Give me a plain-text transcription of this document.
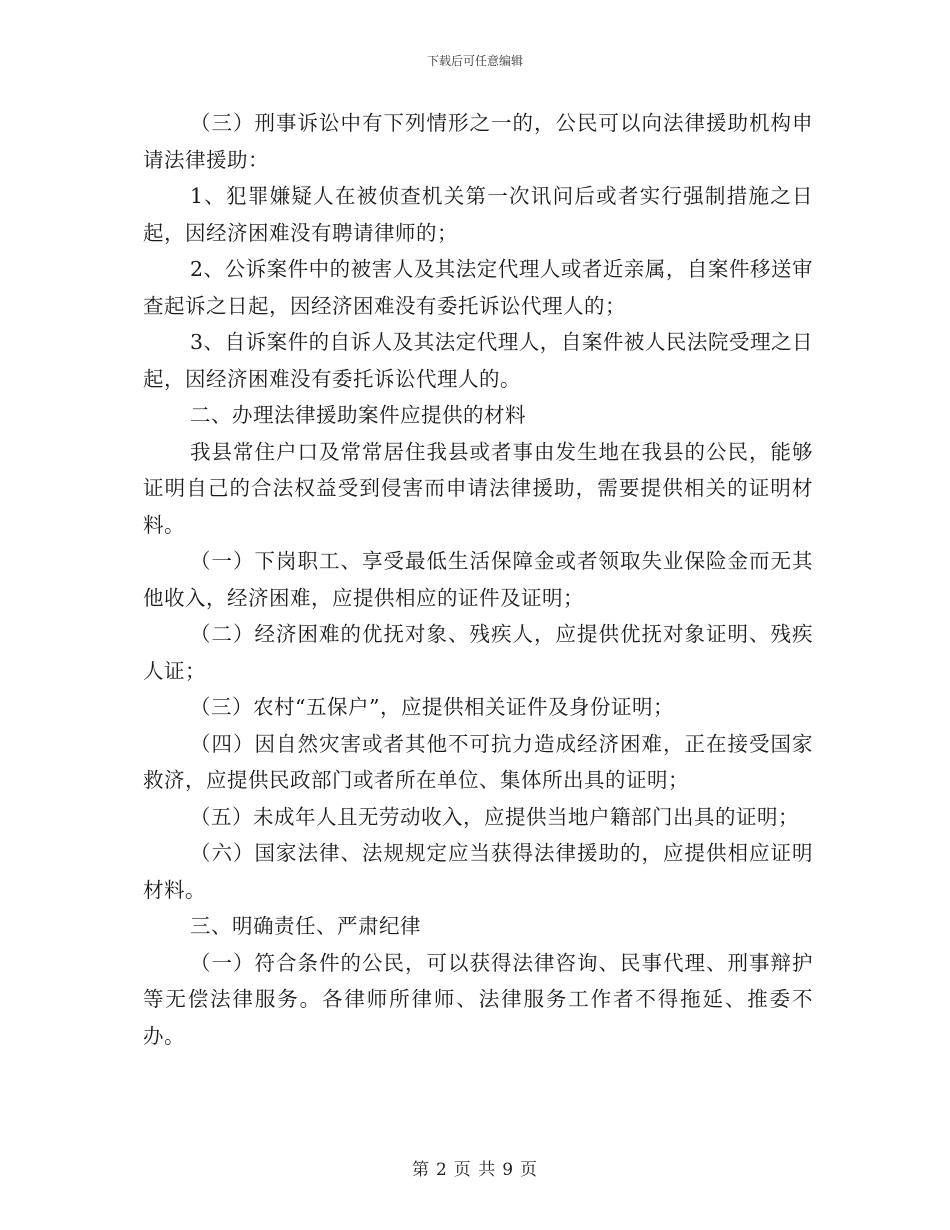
下载后可任意编辑

（三）刑事诉讼中有下列情形之一的，公民可以向法律援助机构申请法律援助：

1、犯罪嫌疑人在被侦查机关第一次讯问后或者实行强制措施之日起，因经济困难没有聘请律师的；

2、公诉案件中的被害人及其法定代理人或者近亲属，自案件移送审查起诉之日起，因经济困难没有委托诉讼代理人的；

3、自诉案件的自诉人及其法定代理人，自案件被人民法院受理之日起，因经济困难没有委托诉讼代理人的。

二、办理法律援助案件应提供的材料

我县常住户口及常常居住我县或者事由发生地在我县的公民，能够证明自己的合法权益受到侵害而申请法律援助，需要提供相关的证明材料。

（一）下岗职工、享受最低生活保障金或者领取失业保险金而无其他收入，经济困难，应提供相应的证件及证明；

（二）经济困难的优抚对象、残疾人，应提供优抚对象证明、残疾人证；

（三）农村“五保户”，应提供相关证件及身份证明；

（四）因自然灾害或者其他不可抗力造成经济困难，正在接受国家救济，应提供民政部门或者所在单位、集体所出具的证明；

（五）未成年人且无劳动收入，应提供当地户籍部门出具的证明；

（六）国家法律、法规规定应当获得法律援助的，应提供相应证明材料。

三、明确责任、严肃纪律

（一）符合条件的公民，可以获得法律咨询、民事代理、刑事辩护等无偿法律服务。各律师所律师、法律服务工作者不得拖延、推委不办。

第 2 页 共 9 页
